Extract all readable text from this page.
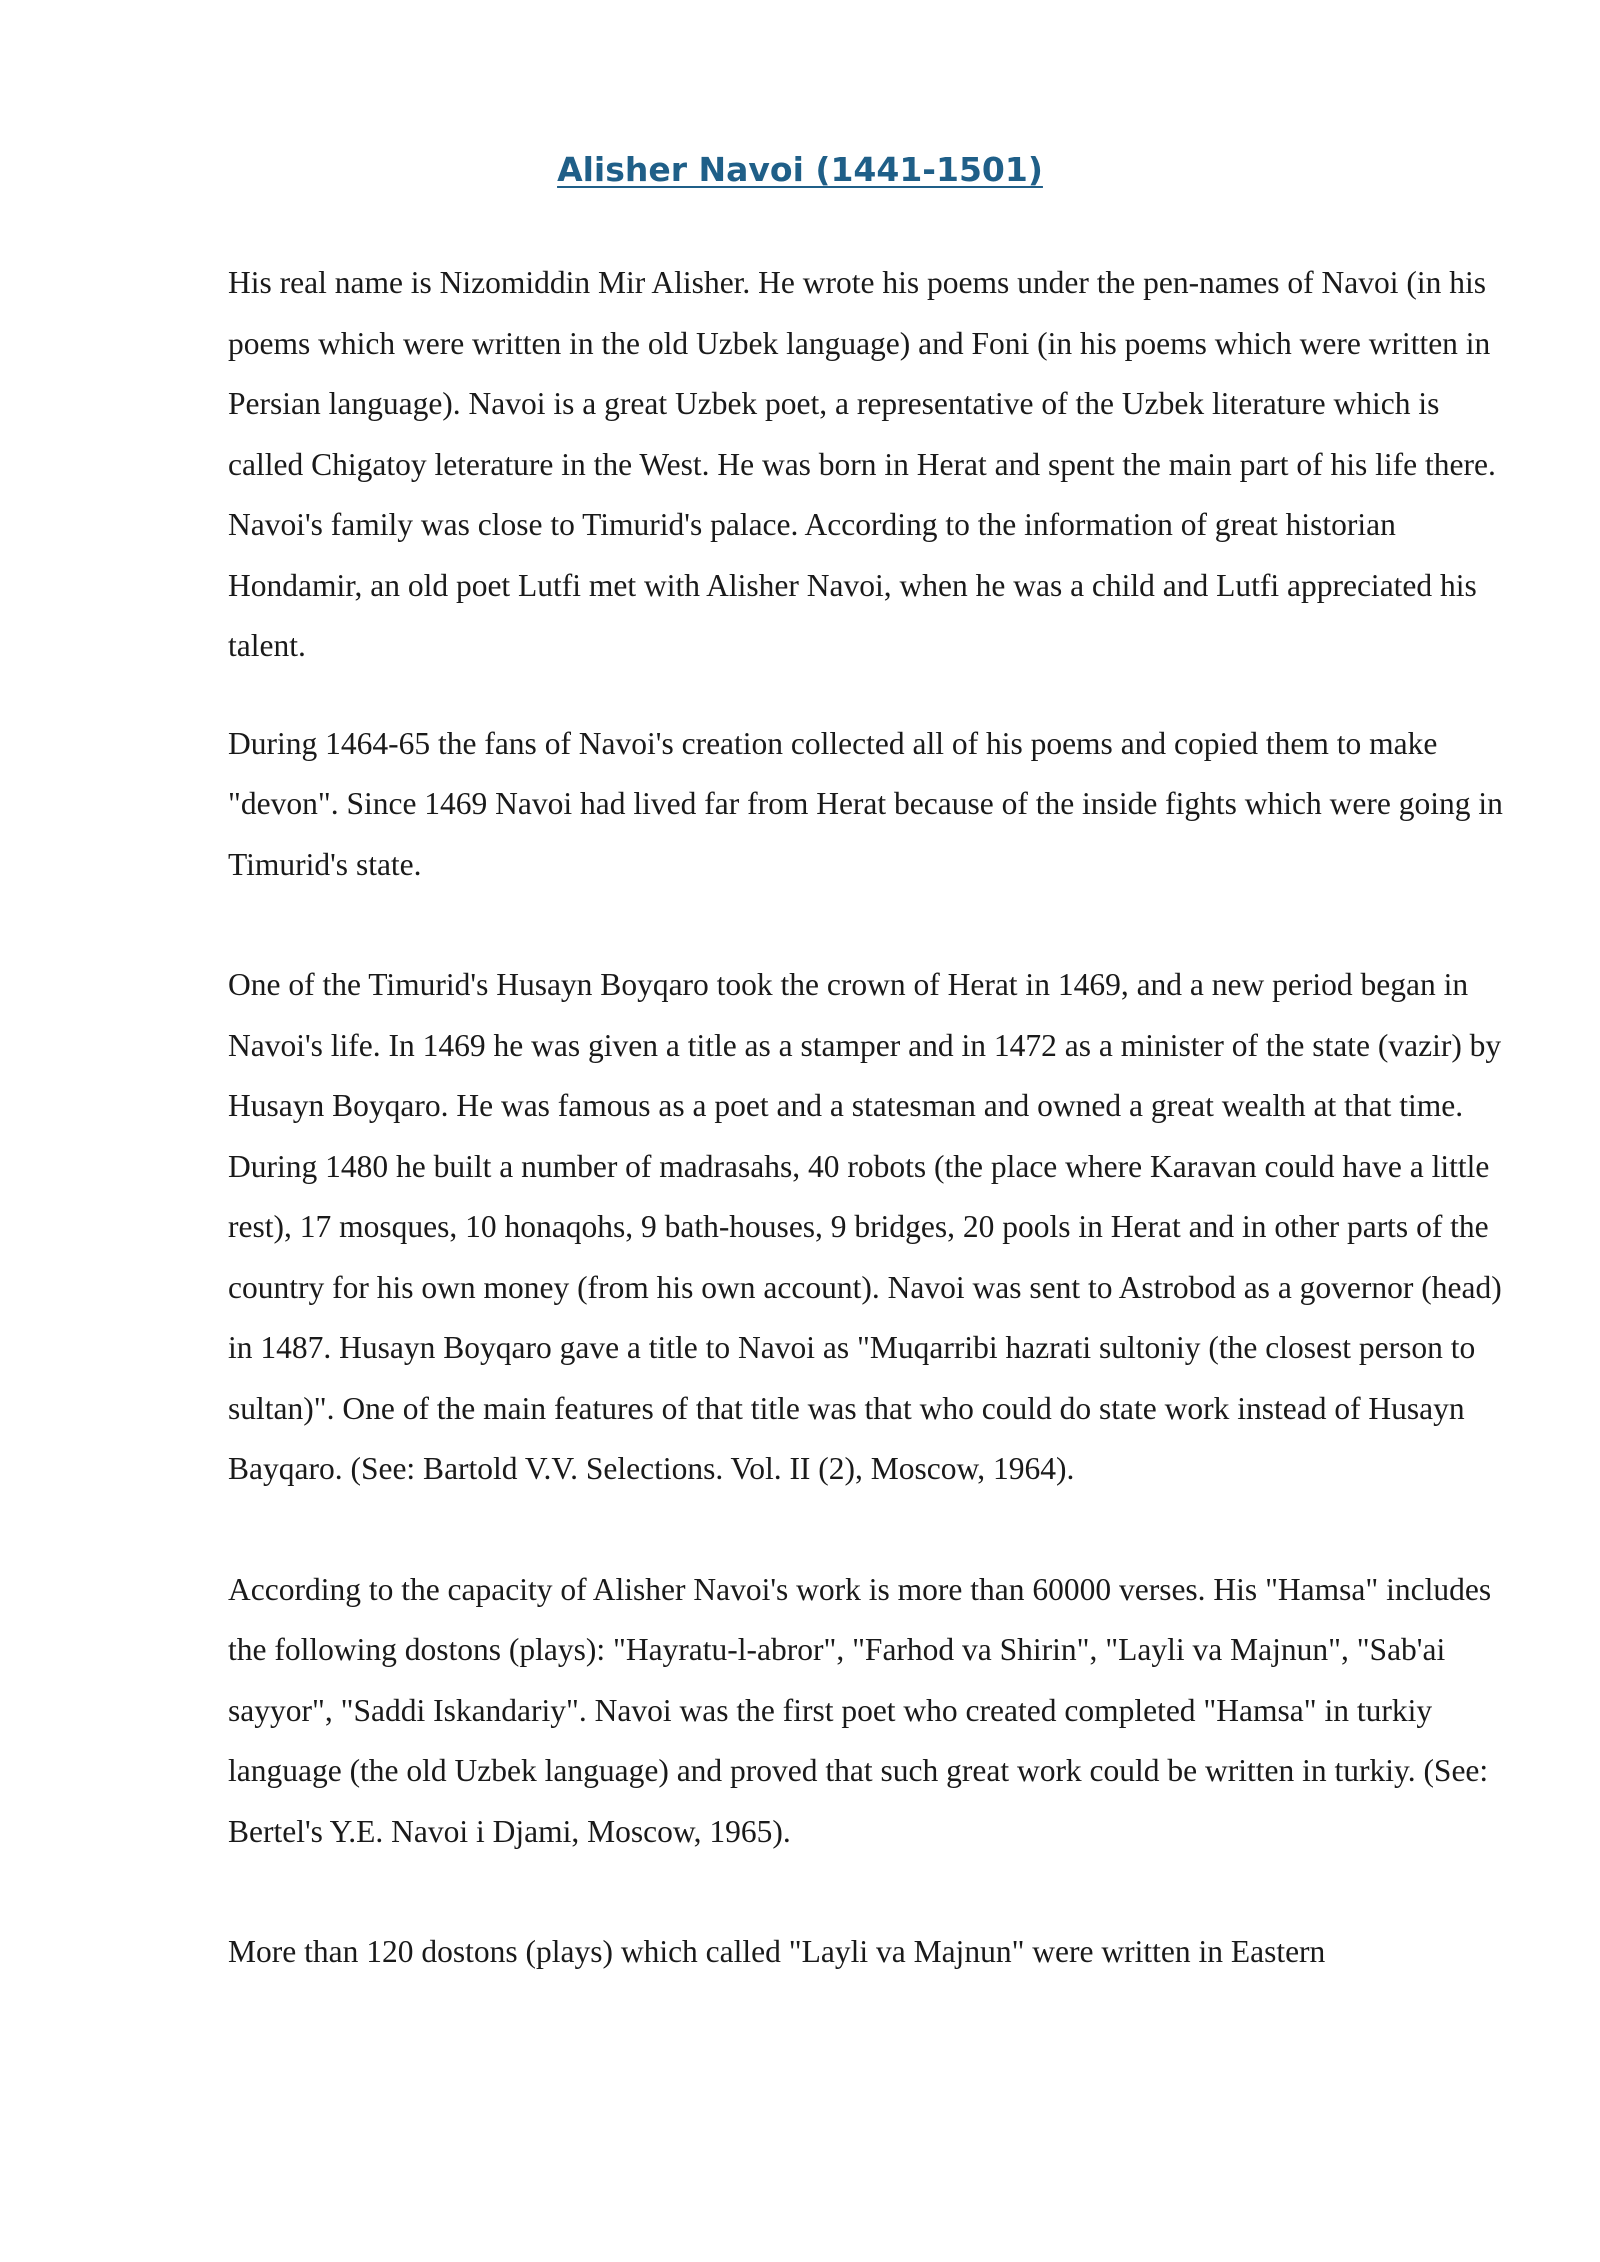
Alisher Navoi (1441-1501)

His real name is Nizomiddin Mir Alisher. He wrote his poems under the pen-names of Navoi (in his poems which were written in the old Uzbek language) and Foni (in his poems which were written in Persian language). Navoi is a great Uzbek poet, a representative of the Uzbek literature which is called Chigatoy leterature in the West. He was born in Herat and spent the main part of his life there. Navoi's family was close to Timurid's palace. According to the information of great historian Hondamir, an old poet Lutfi met with Alisher Navoi, when he was a child and Lutfi appreciated his talent.

During 1464-65 the fans of Navoi's creation collected all of his poems and copied them to make "devon". Since 1469 Navoi had lived far from Herat because of the inside fights which were going in Timurid's state.

One of the Timurid's Husayn Boyqaro took the crown of Herat in 1469, and a new period began in Navoi's life. In 1469 he was given a title as a stamper and in 1472 as a minister of the state (vazir) by Husayn Boyqaro. He was famous as a poet and a statesman and owned a great wealth at that time. During 1480 he built a number of madrasahs, 40 robots (the place where Karavan could have a little rest), 17 mosques, 10 honaqohs, 9 bath-houses, 9 bridges, 20 pools in Herat and in other parts of the country for his own money (from his own account). Navoi was sent to Astrobod as a governor (head) in 1487. Husayn Boyqaro gave a title to Navoi as "Muqarribi hazrati sultoniy (the closest person to sultan)". One of the main features of that title was that who could do state work instead of Husayn Bayqaro. (See: Bartold V.V. Selections. Vol. II (2), Moscow, 1964).

According to the capacity of Alisher Navoi's work is more than 60000 verses. His "Hamsa" includes the following dostons (plays): "Hayratu-l-abror", "Farhod va Shirin", "Layli va Majnun", "Sab'ai sayyor", "Saddi Iskandariy". Navoi was the first poet who created completed "Hamsa" in turkiy language (the old Uzbek language) and proved that such great work could be written in turkiy. (See: Bertel's Y.E. Navoi i Djami, Moscow, 1965).

More than 120 dostons (plays) which called "Layli va Majnun" were written in Eastern
